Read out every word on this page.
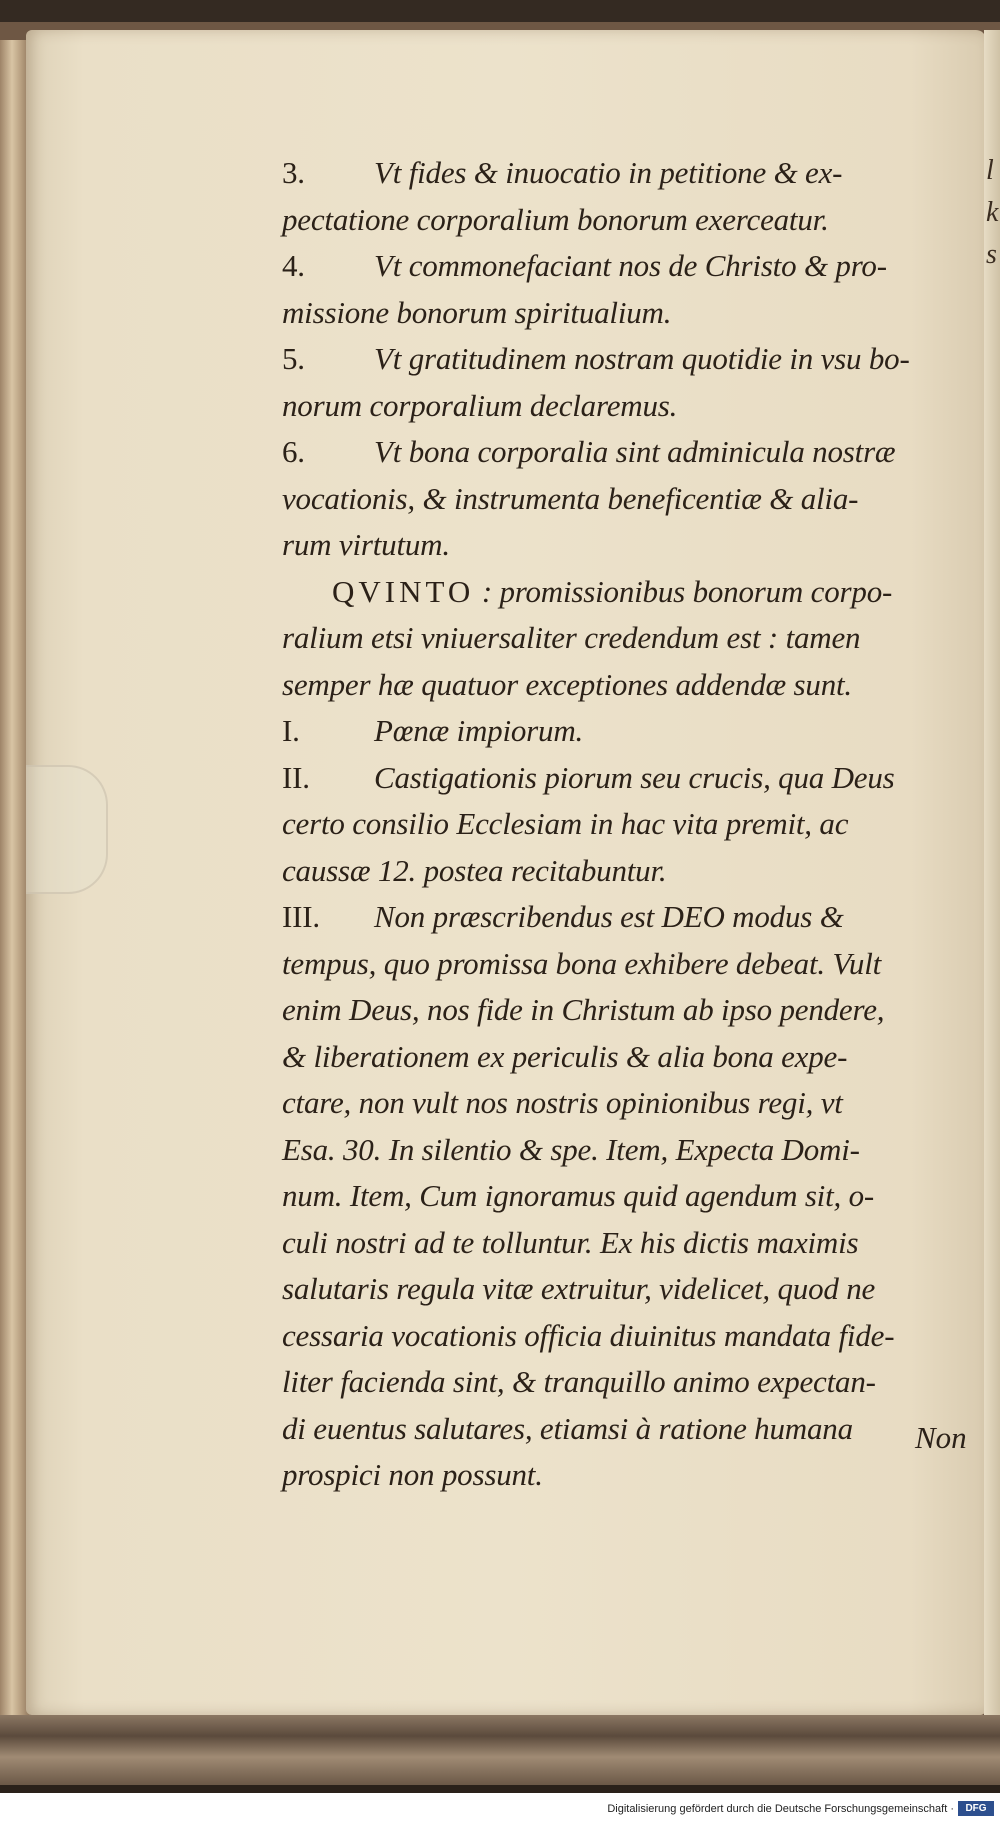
l
k
s
3. Vt fides & inuocatio in petitione & ex-
pectatione corporalium bonorum exerceatur.
4. Vt commonefaciant nos de Christo & pro-
missione bonorum spiritualium.
5. Vt gratitudinem nostram quotidie in vsu bo-
norum corporalium declaremus.
6. Vt bona corporalia sint adminicula nostræ
vocationis, & instrumenta beneficentiæ & alia-
rum virtutum.
QVINTO : promissionibus bonorum corpo-
ralium etsi vniuersaliter credendum est : tamen
semper hæ quatuor exceptiones addendæ sunt.
I. Pœnæ impiorum.
II. Castigationis piorum seu crucis, qua Deus
certo consilio Ecclesiam in hac vita premit, ac
caussæ 12. postea recitabuntur.
III. Non præscribendus est DEO modus &
tempus, quo promissa bona exhibere debeat. Vult
enim Deus, nos fide in Christum ab ipso pendere,
& liberationem ex periculis & alia bona expe-
ctare, non vult nos nostris opinionibus regi, vt
Esa. 30. In silentio & spe. Item, Expecta Domi-
num. Item, Cum ignoramus quid agendum sit, o-
culi nostri ad te tolluntur. Ex his dictis maximis
salutaris regula vitæ extruitur, videlicet, quod ne
cessaria vocationis officia diuinitus mandata fide-
liter facienda sint, & tranquillo animo expectan-
di euentus salutares, etiamsi à ratione humana
prospici non possunt.
Non
Digitalisierung gefördert durch die Deutsche Forschungsgemeinschaft ·	DFG
